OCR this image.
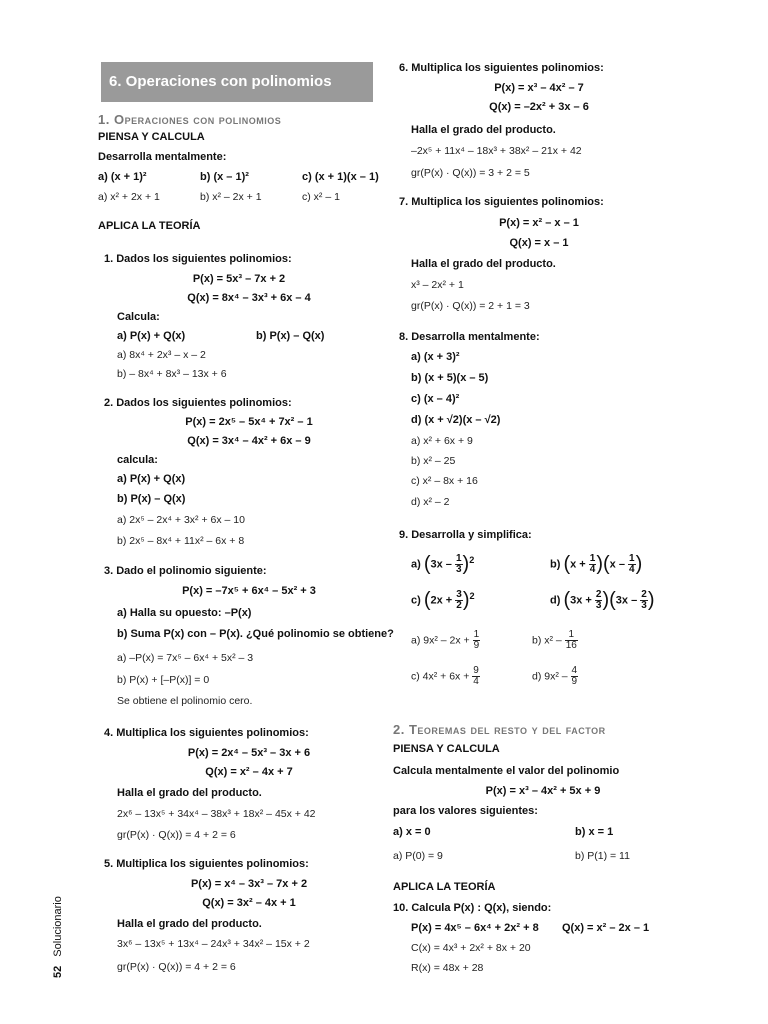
6. Operaciones con polinomios
52 Solucionario
1. Operaciones con polinomios
PIENSA Y CALCULA
Desarrolla mentalmente:
a) (x + 1)²	b) (x – 1)²	c) (x + 1)(x – 1)
a) x² + 2x + 1	b) x² – 2x + 1	c) x² – 1
APLICA LA TEORÍA
1. Dados los siguientes polinomios:
P(x) = 5x³ – 7x + 2
Q(x) = 8x⁴ – 3x³ + 6x – 4
Calcula:
a) P(x) + Q(x)	b) P(x) – Q(x)
a) 8x⁴ + 2x³ – x – 2
b) – 8x⁴ + 8x³ – 13x + 6
2. Dados los siguientes polinomios:
P(x) = 2x⁵ – 5x⁴ + 7x² – 1
Q(x) = 3x⁴ – 4x² + 6x – 9
calcula:
a) P(x) + Q(x)
b) P(x) – Q(x)
a) 2x⁵ – 2x⁴ + 3x² + 6x – 10
b) 2x⁵ – 8x⁴ + 11x² – 6x + 8
3. Dado el polinomio siguiente:
P(x) = –7x⁵ + 6x⁴ – 5x² + 3
a) Halla su opuesto: –P(x)
b) Suma P(x) con – P(x). ¿Qué polinomio se obtiene?
a) –P(x) = 7x⁵ – 6x⁴ + 5x² – 3
b) P(x) + [–P(x)] = 0
Se obtiene el polinomio cero.
4. Multiplica los siguientes polinomios:
P(x) = 2x⁴ – 5x³ – 3x + 6
Q(x) = x² – 4x + 7
Halla el grado del producto.
2x⁶ – 13x⁵ + 34x⁴ – 38x³ + 18x² – 45x + 42
gr(P(x) · Q(x)) = 4 + 2 = 6
5. Multiplica los siguientes polinomios:
P(x) = x⁴ – 3x³ – 7x + 2
Q(x) = 3x² – 4x + 1
Halla el grado del producto.
3x⁶ – 13x⁵ + 13x⁴ – 24x³ + 34x² – 15x + 2
gr(P(x) · Q(x)) = 4 + 2 = 6
6. Multiplica los siguientes polinomios:
P(x) = x³ – 4x² – 7
Q(x) = –2x² + 3x – 6
Halla el grado del producto.
–2x⁵ + 11x⁴ – 18x³ + 38x² – 21x + 42
gr(P(x) · Q(x)) = 3 + 2 = 5
7. Multiplica los siguientes polinomios:
P(x) = x² – x – 1
Q(x) = x – 1
Halla el grado del producto.
x³ – 2x² + 1
gr(P(x) · Q(x)) = 2 + 1 = 3
8. Desarrolla mentalmente:
a) (x + 3)²
b) (x + 5)(x – 5)
c) (x – 4)²
d) (x + √2)(x – √2)
a) x² + 6x + 9
b) x² – 25
c) x² – 8x + 16
d) x² – 2
9. Desarrolla y simplifica:
a) $(3x - \frac{1}{3} )^2$	b) $(x + \frac{1}{4} )(x - \frac{1}{4}$ )
c) $(2x + \frac{3}{2} )^2$	d) $(3x + \frac{2}{3} )(3x - \frac{2}{3}$ )
a) $9x^2 - 2x + \frac{1}{9}$	b) $x^2 - \frac{1}{16}$
c) $4x^2 + 6x + \frac{9}{4}$	d) $9x^2 - \frac{4}{9}$
2. Teoremas del resto y del factor
PIENSA Y CALCULA
Calcula mentalmente el valor del polinomio
P(x) = x³ – 4x² + 5x + 9
para los valores siguientes:
a) x = 0	b) x = 1
a) P(0) = 9	b) P(1) = 11
APLICA LA TEORÍA
10. Calcula P(x) : Q(x), siendo:
P(x) = 4x⁵ – 6x⁴ + 2x² + 8 Q(x) = x² – 2x – 1
C(x) = 4x³ + 2x² + 8x + 20
R(x) = 48x + 28
